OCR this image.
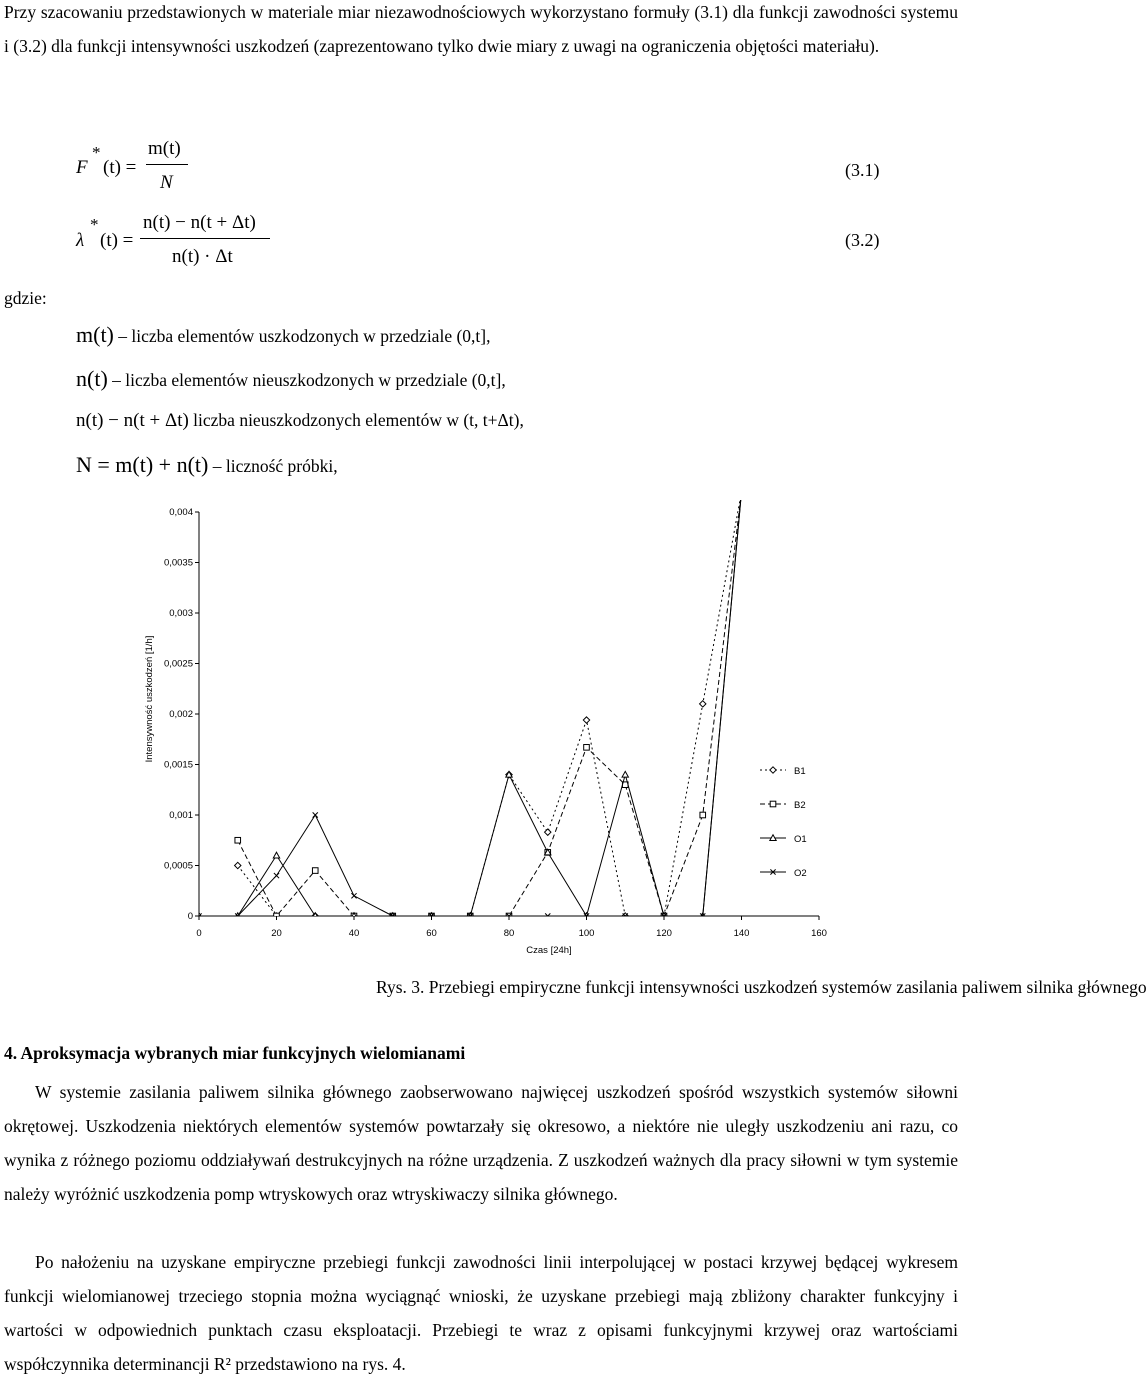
Przy szacowaniu przedstawionych w materiale miar niezawodnościowych wykorzystano formuły (3.1) dla funkcji zawodności systemu i (3.2) dla funkcji intensywności uszkodzeń (zaprezentowano tylko dwie miary z uwagi na ograniczenia objętości materiału).

F
*
(t) =
m(t)
N
(3.1)
λ
*
(t) =
n(t) − n(t + Δt)
n(t) · Δt
(3.2)
gdzie:
m(t) – liczba elementów uszkodzonych w przedziale (0,t],
n(t) – liczba elementów nieuszkodzonych w przedziale (0,t],
n(t) − n(t + Δt) liczba nieuszkodzonych elementów w (t, t+Δt),
N = m(t) + n(t) – liczność próbki,
0
0,0005
0,001
0,0015
0,002
0,0025
0,003
0,0035
0,004
0	20	40	60	80	100	120	140	160
Czas [24h]
Intensywność uszkodzeń [1/h]
B1
B2
O1
O2
Rys. 3. Przebiegi empiryczne funkcji intensywności uszkodzeń systemów zasilania paliwem silnika głównego
4. Aproksymacja wybranych miar funkcyjnych wielomianami

W systemie zasilania paliwem silnika głównego zaobserwowano najwięcej uszkodzeń spośród wszystkich systemów siłowni okrętowej. Uszkodzenia niektórych elementów systemów powtarzały się okresowo, a niektóre nie uległy uszkodzeniu ani razu, co wynika z różnego poziomu oddziaływań destrukcyjnych na różne urządzenia. Z uszkodzeń ważnych dla pracy siłowni w tym systemie należy wyróżnić uszkodzenia pomp wtryskowych oraz wtryskiwaczy silnika głównego.

Po nałożeniu na uzyskane empiryczne przebiegi funkcji zawodności linii interpolującej w postaci krzywej będącej wykresem funkcji wielomianowej trzeciego stopnia można wyciągnąć wnioski, że uzyskane przebiegi mają zbliżony charakter funkcyjny i wartości w odpowiednich punktach czasu eksploatacji. Przebiegi te wraz z opisami funkcyjnymi krzywej oraz wartościami współczynnika determinancji R² przedstawiono na rys. 4.
